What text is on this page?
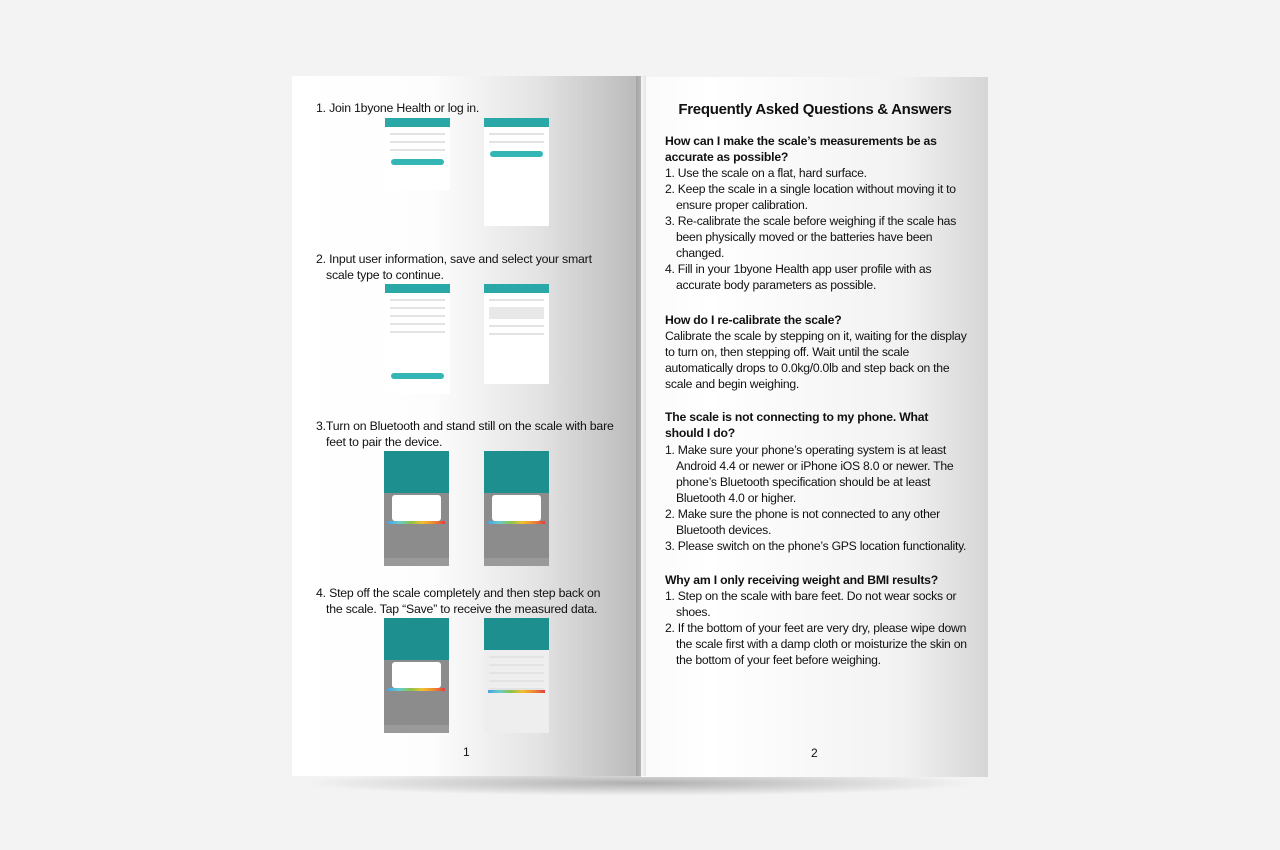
1. Join 1byone Health or log in.
2. Input user information, save and select your smart scale type to continue.
3.Turn on Bluetooth and stand still on the scale with bare feet to pair the device.
4. Step off the scale completely and then step back on the scale. Tap “Save” to receive the measured data.
1
Frequently Asked Questions & Answers
How can I make the scale’s measurements be as accurate as possible?
1. Use the scale on a flat, hard surface.
2. Keep the scale in a single location without moving it to ensure proper calibration.
3. Re-calibrate the scale before weighing if the scale has been physically moved or the batteries have been changed.
4. Fill in your 1byone Health app user profile with as accurate body parameters as possible.
How do I re-calibrate the scale?
Calibrate the scale by stepping on it, waiting for the display to turn on, then stepping off. Wait until the scale automatically drops to 0.0kg/0.0lb and step back on the scale and begin weighing.
The scale is not connecting to my phone. What should I do?
1. Make sure your phone’s operating system is at least Android 4.4 or newer or iPhone iOS 8.0 or newer. The phone’s Bluetooth specification should be at least Bluetooth 4.0 or higher.
2. Make sure the phone is not connected to any other Bluetooth devices.
3. Please switch on the phone’s GPS location functionality.
Why am I only receiving weight and BMI results?
1. Step on the scale with bare feet. Do not wear socks or shoes.
2. If the bottom of your feet are very dry, please wipe down the scale first with a damp cloth or moisturize the skin on the bottom of your feet before weighing.
2
